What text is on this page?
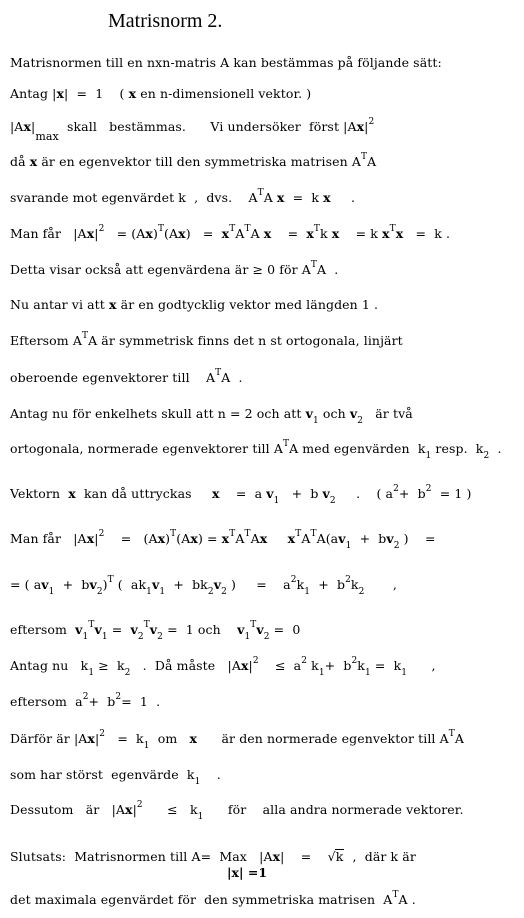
Matrisnorm 2.
Matrisnormen till en nxn-matris A kan bestämmas på följande sätt:
Antag |x|  =  1    ( x en n-dimensionell vektor. )
$|Ax|_{max}$  skall   bestämmas.      Vi undersöker  först $|Ax|^2$
då x är en egenvektor till den symmetriska matrisen $A^TA$
svarande mot egenvärdet k  ,  dvs.    $A^TA$ x  =  k x     .
Man får   $|Ax|^2 = (Ax)^T(Ax) = x^TA^TA$ x    =  $x^Tk$ x    = k $x^Tx = k$ .
Detta visar också att egenvärdena är ≥ 0 för $A^TA$  .
Nu antar vi att x är en godtycklig vektor med längden 1 .
Eftersom $A^TA$ är symmetrisk finns det n st ortogonala, linjärt
oberoende egenvektorer till    $A^TA$  .
Antag nu för enkelhets skull att n = 2 och att $v_1$ och $v_2$   är två
ortogonala, normerade egenvektorer till $A^TA$ med egenvärden  $k_1$ resp.  $k_2$  .
Vektorn  x  kan då uttryckas     x    =  a $v_1 + b$ $v_2$     .    ( $a^2+ b^2 = 1$ )
Man får   $|Ax|^2$    =   $(Ax)^T(Ax) = x^TA^TAx$ $x^TA^TA(av_1 + bv_2$ )    =
= ( $av_1 + bv_2)^T$ (  $ak_1v_1 + bk_2v_2$ )     =    $a^2k_1 + b^2k_2$       ,
eftersom  $v_1^Tv_1 = v_2^Tv_2 = 1$ och    $v_1^Tv_2 = 0$
Antag nu   $k_1 \ge k_2$   .  Då måste   $|Ax|^2$    ≤  $a^2$ $k_1+ b^2k_1 = k_1$      ,
eftersom  $a^2+ b^2= 1$  .
Därför är $|Ax|^2 = k_1$  om   x      är den normerade egenvektor till $A^TA$
som har störst  egenvärde  $k_1$    .
Dessutom   är   $|Ax|^2$      ≤   $k_1$      för    alla andra normerade vektorer.
Slutsats:  Matrisnormen till A=  Max   |Ax|    =    √k  ,  där k är
|x| =1
det maximala egenvärdet för  den symmetriska matrisen  $A^TA$ .
